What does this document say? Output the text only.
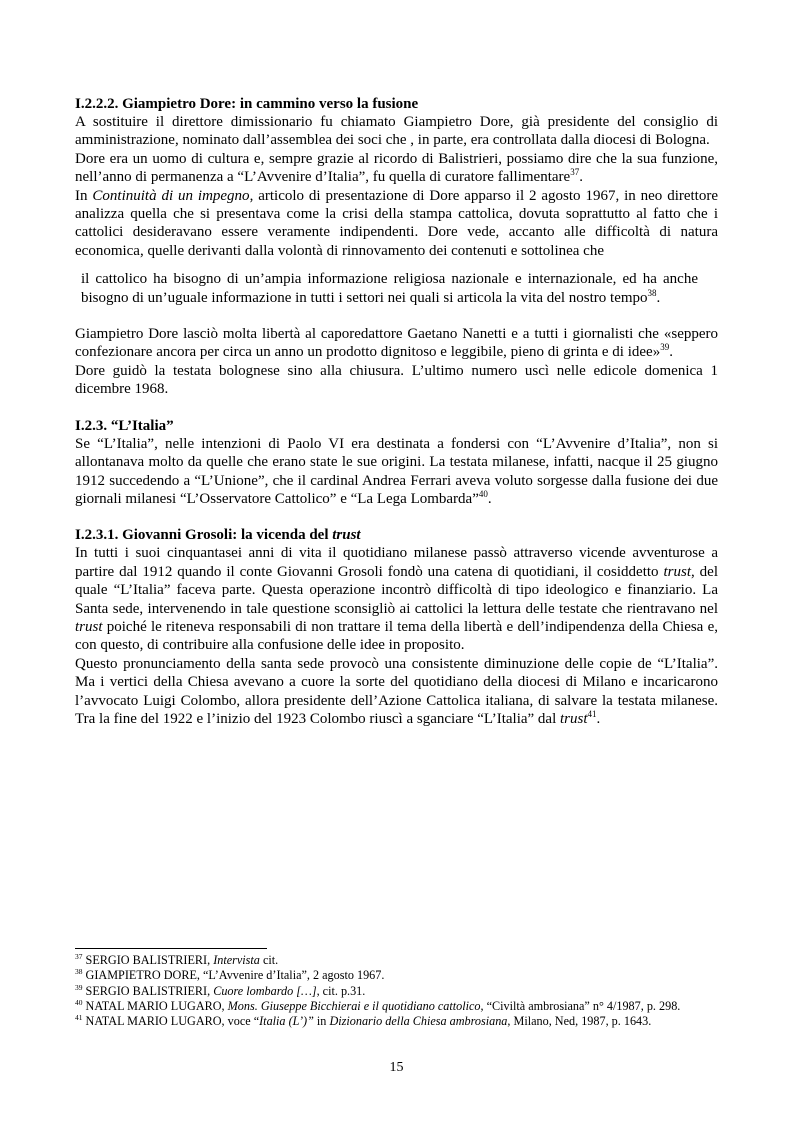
I.2.2.2. Giampietro Dore: in cammino verso la fusione

A sostituire il direttore dimissionario fu chiamato Giampietro Dore, già presidente del consiglio di amministrazione, nominato dall’assemblea dei soci che , in parte, era controllata dalla diocesi di Bologna.

Dore era un uomo di cultura e, sempre grazie al ricordo di Balistrieri, possiamo dire che la sua funzione, nell’anno di permanenza a “L’Avvenire d’Italia”, fu quella di curatore fallimentare$^{37}$.

In Continuità di un impegno, articolo di presentazione di Dore apparso il 2 agosto 1967, in neo direttore analizza quella che si presentava come la crisi della stampa cattolica, dovuta soprattutto al fatto che i cattolici desideravano essere veramente indipendenti. Dore vede, accanto alle difficoltà di natura economica, quelle derivanti dalla volontà di rinnovamento dei contenuti e sottolinea che

il cattolico ha bisogno di un’ampia informazione religiosa nazionale e internazionale, ed ha anche bisogno di un’uguale informazione in tutti i settori nei quali si articola la vita del nostro tempo$^{38}$.

Giampietro Dore lasciò molta libertà al caporedattore Gaetano Nanetti e a tutti i giornalisti che «seppero confezionare ancora per circa un anno un prodotto dignitoso e leggibile, pieno di grinta e di idee»$^{39}$.

Dore guidò la testata bolognese sino alla chiusura. L’ultimo numero uscì nelle edicole domenica 1 dicembre 1968.

I.2.3. “L’Italia”

Se “L’Italia”, nelle intenzioni di Paolo VI era destinata a fondersi con “L’Avvenire d’Italia”, non si allontanava molto da quelle che erano state le sue origini. La testata milanese, infatti, nacque il 25 giugno 1912 succedendo a “L’Unione”, che il cardinal Andrea Ferrari aveva voluto sorgesse dalla fusione dei due giornali milanesi “L’Osservatore Cattolico” e “La Lega Lombarda”$^{40}$.

I.2.3.1. Giovanni Grosoli: la vicenda del trust

In tutti i suoi cinquantasei anni di vita il quotidiano milanese passò attraverso vicende avventurose a partire dal 1912 quando il conte Giovanni Grosoli fondò una catena di quotidiani, il cosiddetto trust, del quale “L’Italia” faceva parte. Questa operazione incontrò difficoltà di tipo ideologico e finanziario. La Santa sede, intervenendo in tale questione sconsigliò ai cattolici la lettura delle testate che rientravano nel trust poiché le riteneva responsabili di non trattare il tema della libertà e dell’indipendenza della Chiesa e, con questo, di contribuire alla confusione delle idee in proposito.

Questo pronunciamento della santa sede provocò una consistente diminuzione delle copie de “L’Italia”. Ma i vertici della Chiesa avevano a cuore la sorte del quotidiano della diocesi di Milano e incaricarono l’avvocato Luigi Colombo, allora presidente dell’Azione Cattolica italiana, di salvare la testata milanese. Tra la fine del 1922 e l’inizio del 1923 Colombo riuscì a sganciare “L’Italia” dal trust$^{41}$.

$^{37}$ SERGIO BALISTRIERI, Intervista cit.

$^{38}$ GIAMPIETRO DORE, “L’Avvenire d’Italia”, 2 agosto 1967.

$^{39}$ SERGIO BALISTRIERI, Cuore lombardo […], cit. p.31.

$^{40}$ NATAL MARIO LUGARO, Mons. Giuseppe Bicchierai e il quotidiano cattolico, “Civiltà ambrosiana” n° 4/1987, p. 298.

$^{41}$ NATAL MARIO LUGARO, voce “Italia (L’)” in Dizionario della Chiesa ambrosiana, Milano, Ned, 1987, p. 1643.

15
